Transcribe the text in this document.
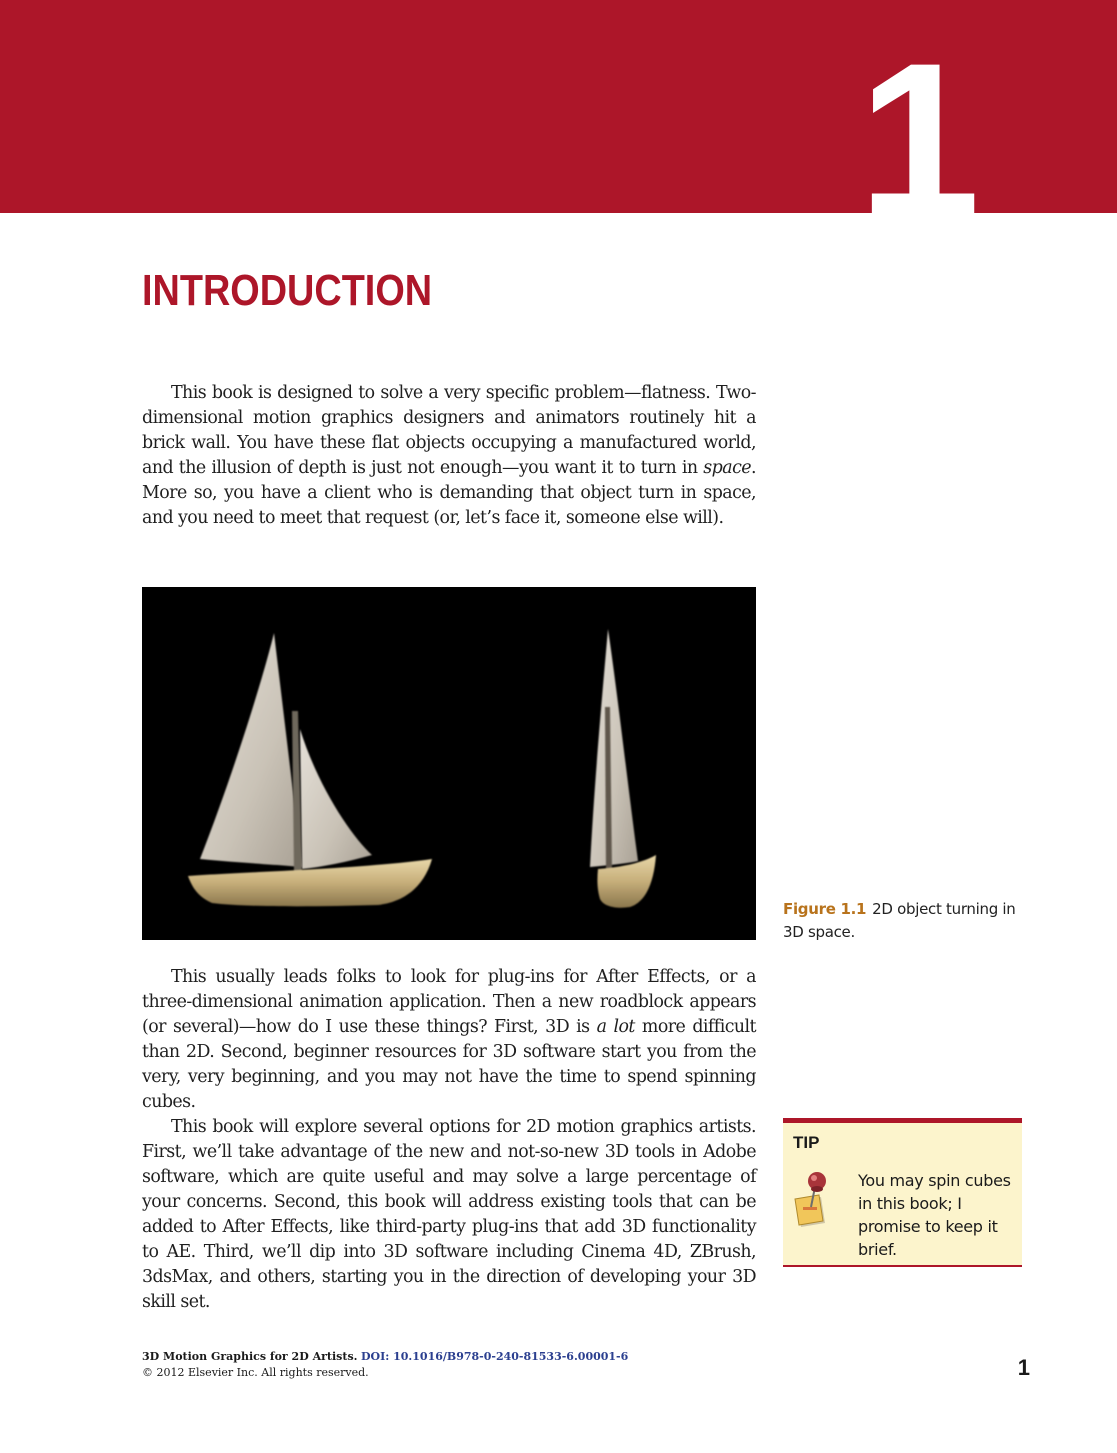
1
INTRODUCTION

This book is designed to solve a very specific problem—flatness. Two-dimensional motion graphics designers and animators routinely hit a brick wall. You have these flat objects occupying a manufactured world, and the illusion of depth is just not enough—you want it to turn in space. More so, you have a client who is demanding that object turn in space, and you need to meet that request (or, let’s face it, someone else will).

Figure 1.1 2D object turning in 3D space.

This usually leads folks to look for plug-ins for After Effects, or a three-dimensional animation application. Then a new roadblock appears (or several)—how do I use these things? First, 3D is a lot more difficult than 2D. Second, beginner resources for 3D software start you from the very, very beginning, and you may not have the time to spend spinning cubes.

This book will explore several options for 2D motion graphics artists. First, we’ll take advantage of the new and not-so-new 3D tools in Adobe software, which are quite useful and may solve a large percentage of your concerns. Second, this book will address existing tools that can be added to After Effects, like third-party plug-ins that add 3D functionality to AE. Third, we’ll dip into 3D software including Cinema 4D, ZBrush, 3dsMax, and others, starting you in the direction of developing your 3D skill set.

TIP
You may spin cubes in this book; I promise to keep it brief.
3D Motion Graphics for 2D Artists. DOI: 10.1016/B978-0-240-81533-6.00001-6
© 2012 Elsevier Inc. All rights reserved.	1
